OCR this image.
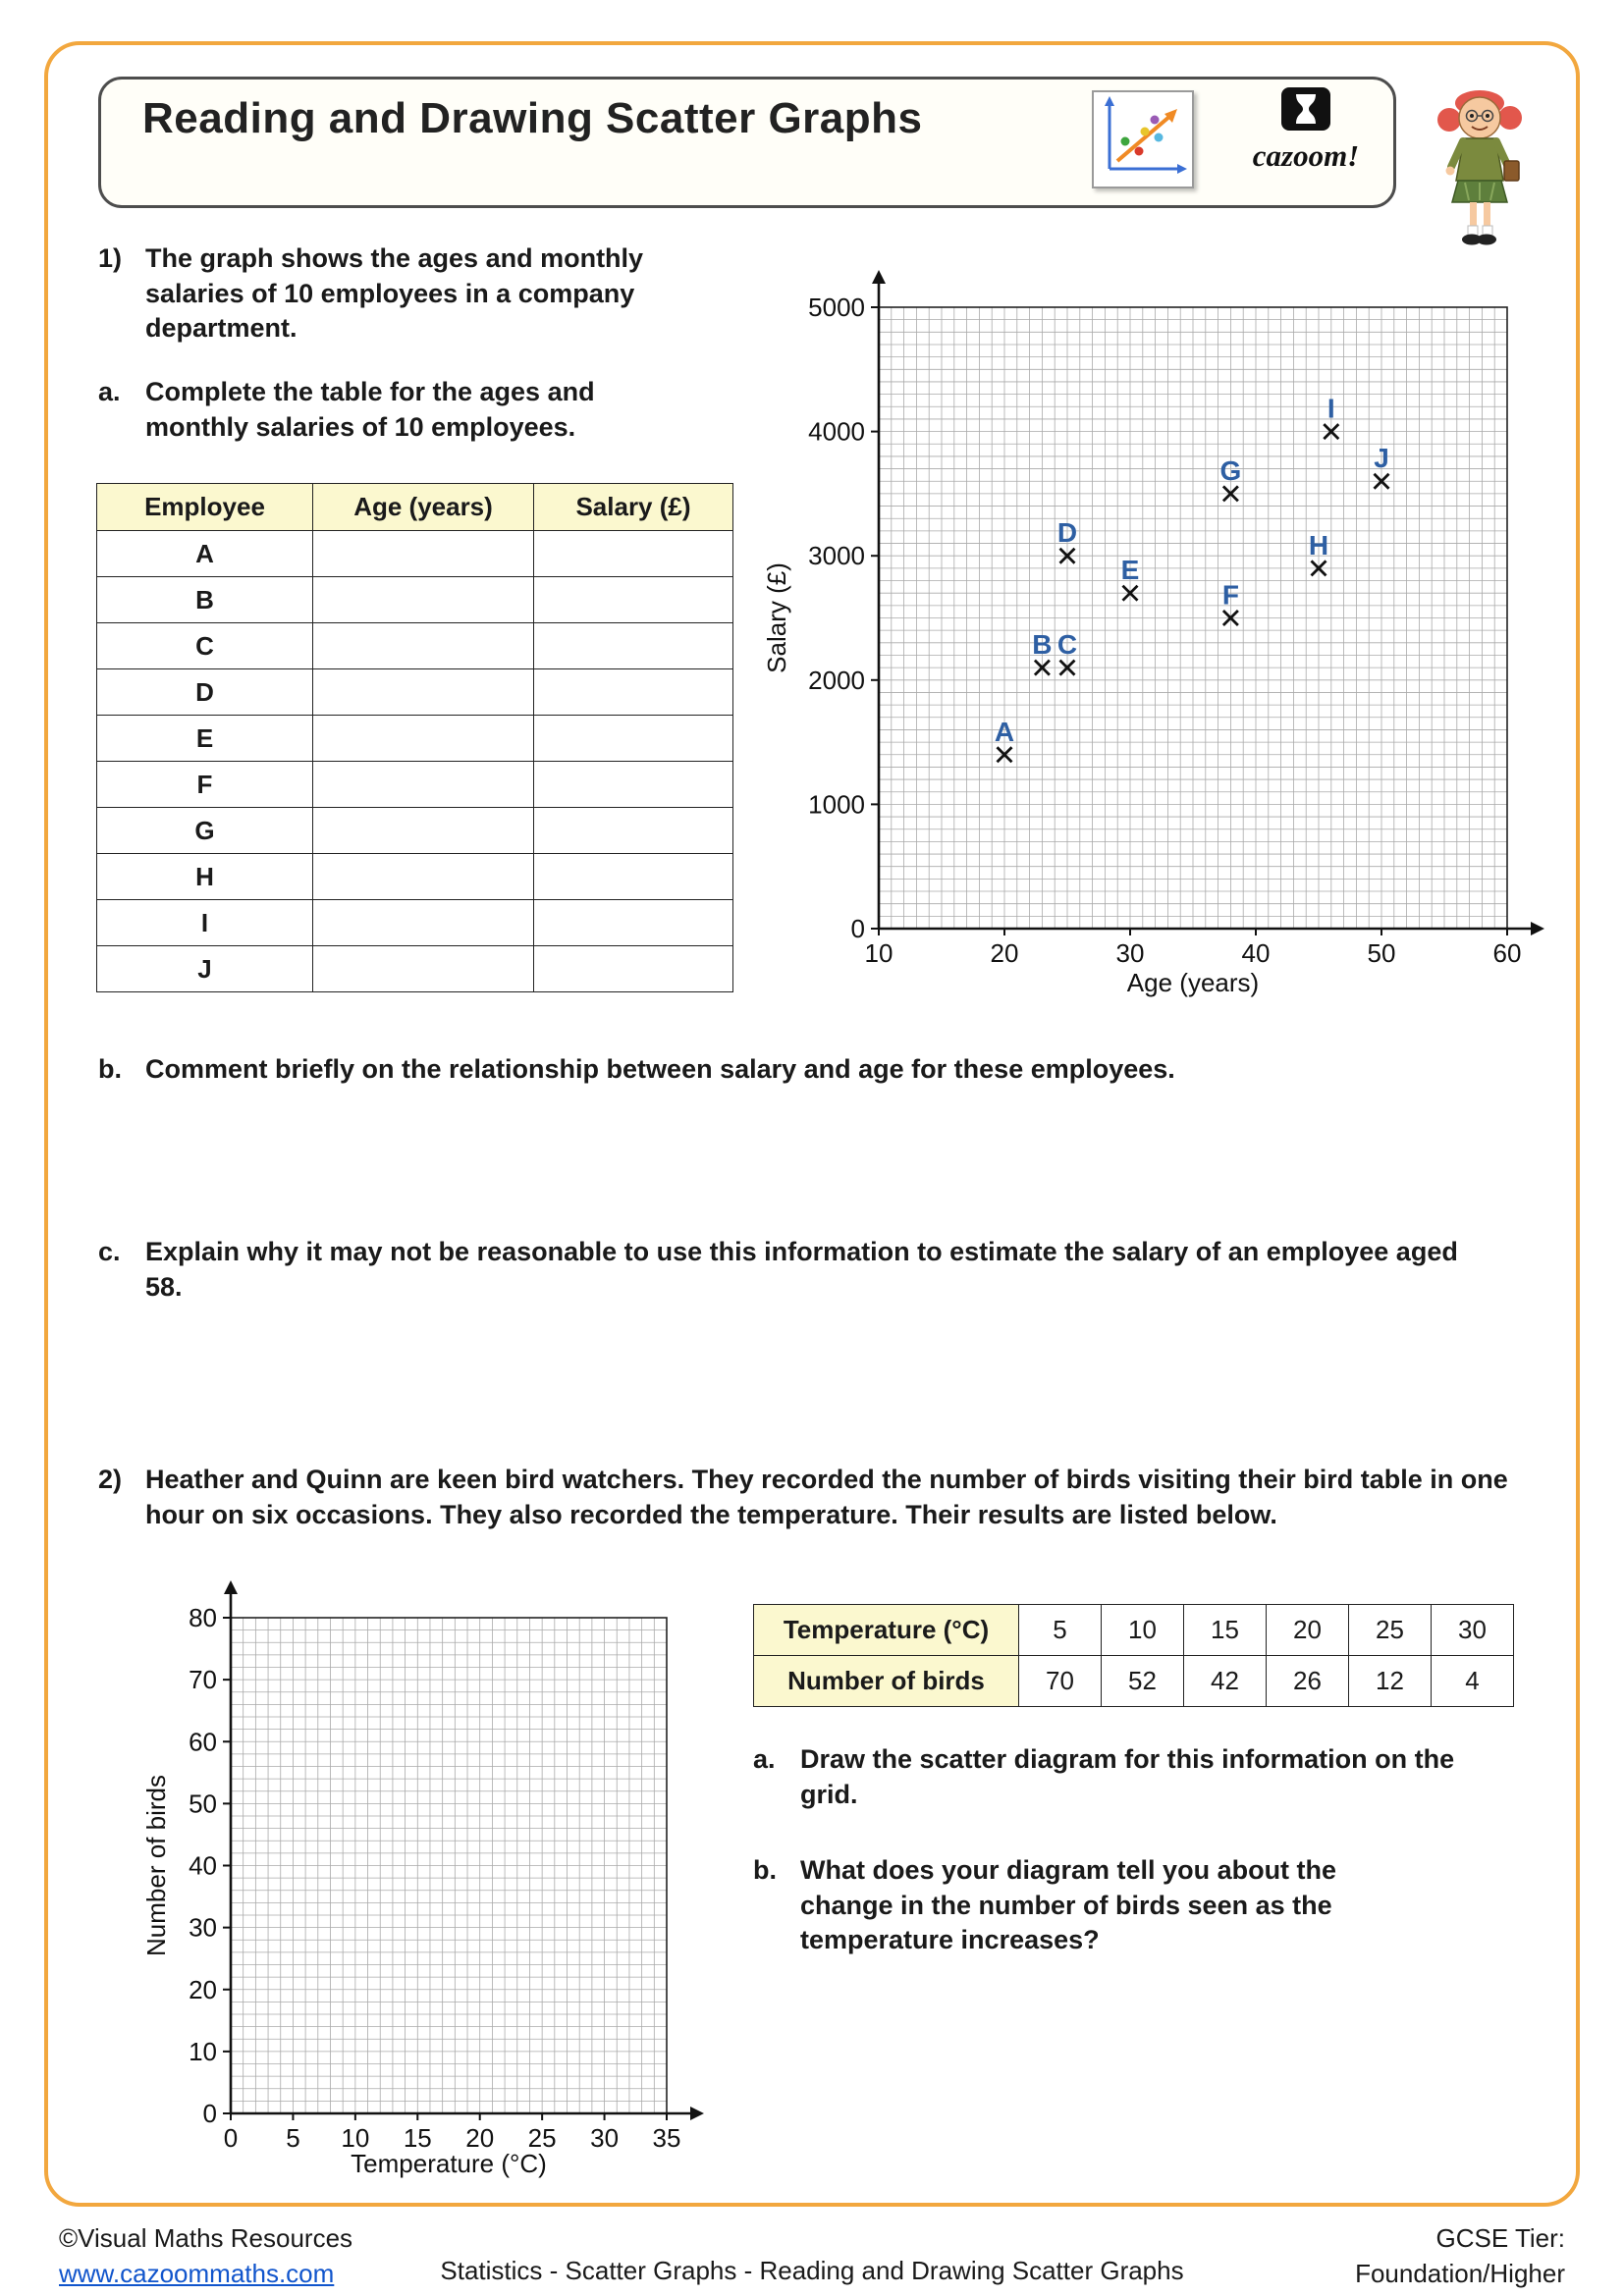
Reading and Drawing Scatter Graphs
cazoom!
1) The graph shows the ages and monthly salaries of 10 employees in a company department.
a. Complete the table for the ages and monthly salaries of 10 employees.
Employee	Age (years)	Salary (£)
A		
B		
C		
D		
E		
F		
G		
H		
I		
J		
10	20	30	40	50	60
0
1000
2000
3000
4000
5000
Age (years)
Salary (£)
A
B C
D
E
F
G
H
I
J
b. Comment briefly on the relationship between salary and age for these employees.
c. Explain why it may not be reasonable to use this information to estimate the salary of an employee aged 58.
2) Heather and Quinn are keen bird watchers. They recorded the number of birds visiting their bird table in one hour on six occasions. They also recorded the temperature. Their results are listed below.
0 5 10 15 20 25 30 35
0
10
20
30
40
50
60
70
80
Temperature (°C)
Number of birds
Temperature (°C)	5	10	15	20	25	30
Number of birds	70	52	42	26	12	4
a. Draw the scatter diagram for this information on the grid.
b. What does your diagram tell you about the change in the number of birds seen as the temperature increases?
©Visual Maths Resources
www.cazoommaths.com	Statistics - Scatter Graphs - Reading and Drawing Scatter Graphs
GCSE Tier:
Foundation/Higher
